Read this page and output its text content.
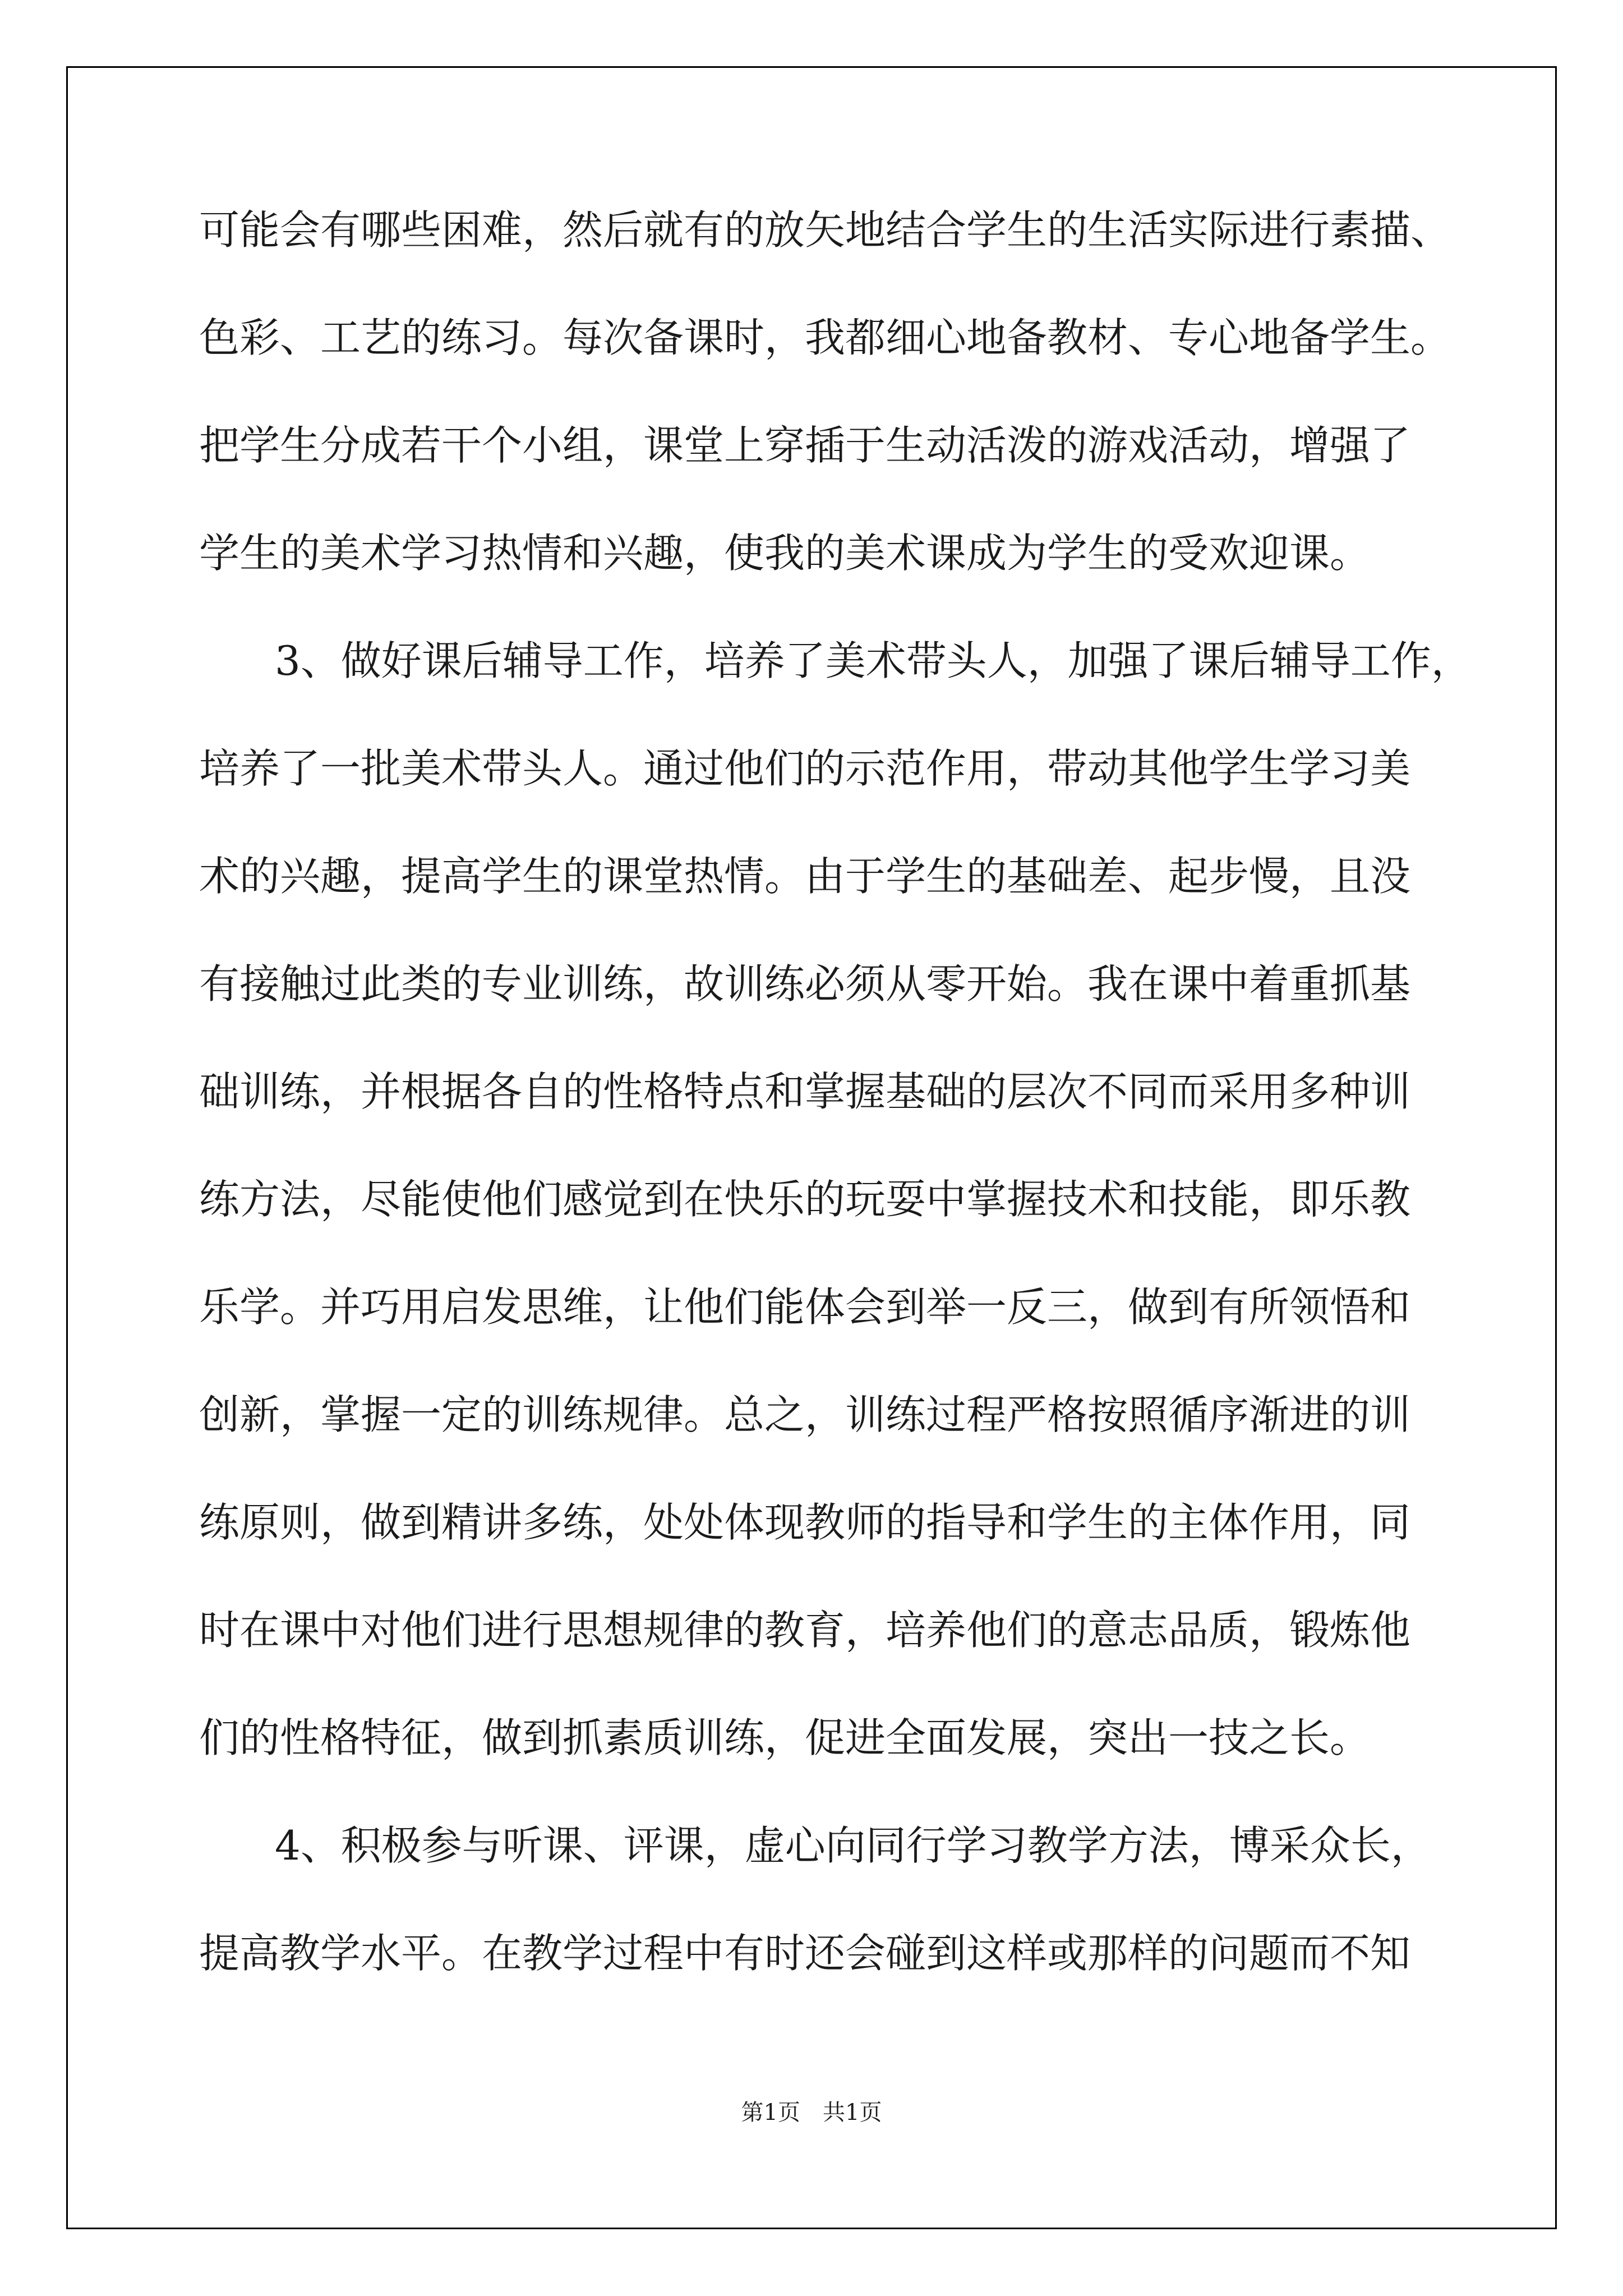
可能会有哪些困难，然后就有的放矢地结合学生的生活实际进行素描、
色彩、工艺的练习。每次备课时，我都细心地备教材、专心地备学生。
把学生分成若干个小组，课堂上穿插于生动活泼的游戏活动，增强了
学生的美术学习热情和兴趣，使我的美术课成为学生的受欢迎课。
3、做好课后辅导工作，培养了美术带头人，加强了课后辅导工作，
培养了一批美术带头人。通过他们的示范作用，带动其他学生学习美
术的兴趣，提高学生的课堂热情。由于学生的基础差、起步慢，且没
有接触过此类的专业训练，故训练必须从零开始。我在课中着重抓基
础训练，并根据各自的性格特点和掌握基础的层次不同而采用多种训
练方法，尽能使他们感觉到在快乐的玩耍中掌握技术和技能，即乐教
乐学。并巧用启发思维，让他们能体会到举一反三，做到有所领悟和
创新，掌握一定的训练规律。总之，训练过程严格按照循序渐进的训
练原则，做到精讲多练，处处体现教师的指导和学生的主体作用，同
时在课中对他们进行思想规律的教育，培养他们的意志品质，锻炼他
们的性格特征，做到抓素质训练，促进全面发展，突出一技之长。
4、积极参与听课、评课，虚心向同行学习教学方法，博采众长，
提高教学水平。在教学过程中有时还会碰到这样或那样的问题而不知
第1页　共1页
